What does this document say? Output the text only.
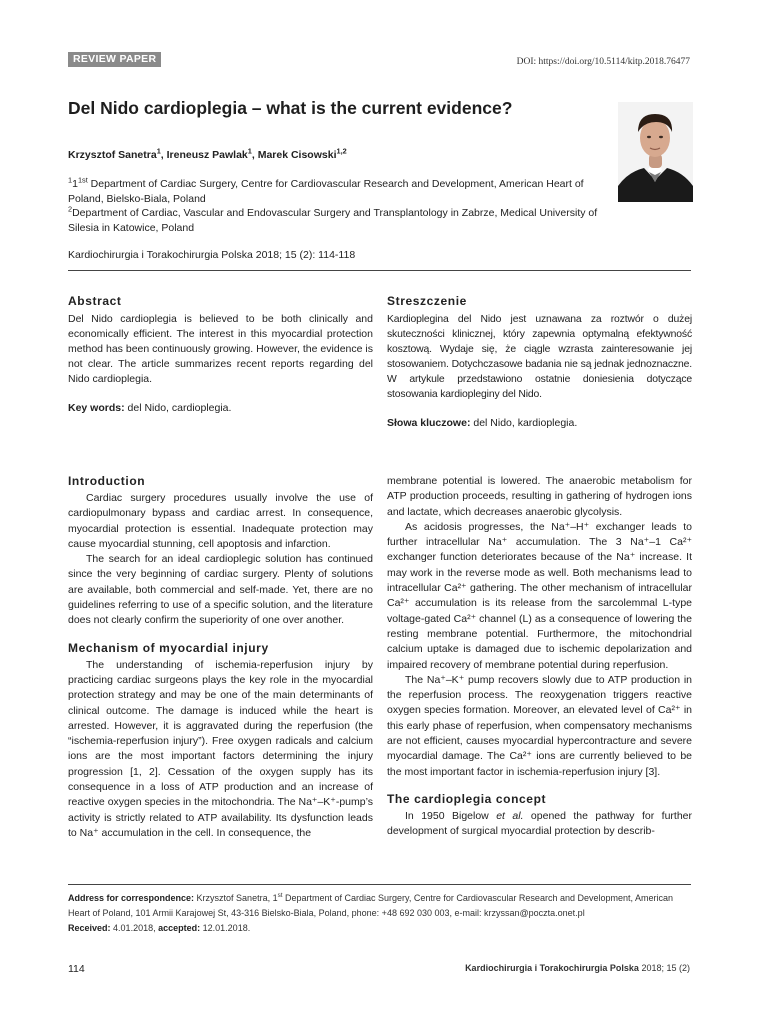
REVIEW PAPER	DOI: https://doi.org/10.5114/kitp.2018.76477
Del Nido cardioplegia – what is the current evidence?
Krzysztof Sanetra$^1$, Ireneusz Pawlak$^1$, Marek Cisowski$^{1,2}$
$^11^{1st}$ Department of Cardiac Surgery, Centre for Cardiovascular Research and Development, American Heart of Poland, Bielsko-Biala, Poland
$^2$Department of Cardiac, Vascular and Endovascular Surgery and Transplantology in Zabrze, Medical University of Silesia in Katowice, Poland
Kardiochirurgia i Torakochirurgia Polska 2018; 15 (2): 114-118
Abstract

Del Nido cardioplegia is believed to be both clinically and economically efficient. The interest in this myocardial protection method has been continuously growing. However, the evidence is not clear. The article summarizes recent reports regarding del Nido cardioplegia.

Key words: del Nido, cardioplegia.

Streszczenie

Kardioplegina del Nido jest uznawana za roztwór o dużej skuteczności klinicznej, który zapewnia optymalną efektywność kosztową. Wydaje się, że ciągle wzrasta zainteresowanie jej stosowaniem. Dotychczasowe badania nie są jednak jednoznaczne. W artykule przedstawiono ostatnie doniesienia dotyczące stosowania kardiopleginy del Nido.

Słowa kluczowe: del Nido, kardioplegia.

Introduction

Cardiac surgery procedures usually involve the use of cardiopulmonary bypass and cardiac arrest. In consequence, myocardial protection is essential. Inadequate protection may cause myocardial stunning, cell apoptosis and infarction.

The search for an ideal cardioplegic solution has continued since the very beginning of cardiac surgery. Plenty of solutions are available, both commercial and self-made. Yet, there are no guidelines referring to use of a specific solution, and the literature does not clearly confirm the superiority of one over another.

Mechanism of myocardial injury

The understanding of ischemia-reperfusion injury by practicing cardiac surgeons plays the key role in the myocardial protection strategy and may be one of the main determinants of clinical outcome. The damage is induced while the heart is arrested. However, it is aggravated during the reperfusion (the “ischemia-reperfusion injury”). Free oxygen radicals and calcium ions are the most important factors determining the injury progression [1, 2]. Cessation of the oxygen supply has its consequence in a loss of ATP production and an increase of reactive oxygen species in the mitochondria. The Na⁺–K⁺-pump’s activity is strictly related to ATP availability. Its dysfunction leads to Na⁺ accumulation in the cell. In consequence, the

membrane potential is lowered. The anaerobic metabolism for ATP production proceeds, resulting in gathering of hydrogen ions and lactate, which decreases anaerobic glycolysis.

As acidosis progresses, the Na⁺–H⁺ exchanger leads to further intracellular Na⁺ accumulation. The 3 Na⁺–1 Ca²⁺ exchanger function deteriorates because of the Na⁺ increase. It may work in the reverse mode as well. Both mechanisms lead to intracellular Ca²⁺ gathering. The other mechanism of intracellular Ca²⁺ accumulation is its release from the sarcolemmal L-type voltage-gated Ca²⁺ channel (L) as a consequence of lowering the resting membrane potential. Furthermore, the mitochondrial calcium uptake is damaged due to ischemic depolarization and impaired recovery of membrane potential during reperfusion.

The Na⁺–K⁺ pump recovers slowly due to ATP production in the reperfusion process. The reoxygenation triggers reactive oxygen species formation. Moreover, an elevated level of Ca²⁺ in this early phase of reperfusion, when compensatory mechanisms are not efficient, causes myocardial hypercontracture and severe myocardial damage. The Ca²⁺ ions are currently believed to be the most important factor in ischemia-reperfusion injury [3].

The cardioplegia concept

In 1950 Bigelow et al. opened the pathway for further development of surgical myocardial protection by describ-

Address for correspondence: Krzysztof Sanetra, 1st Department of Cardiac Surgery, Centre for Cardiovascular Research and Development, American Heart of Poland, 101 Armii Karajowej St, 43-316 Bielsko-Biala, Poland, phone: +48 692 030 003, e-mail: krzyssan@poczta.onet.pl
Received: 4.01.2018, accepted: 12.01.2018.
114	Kardiochirurgia i Torakochirurgia Polska 2018; 15 (2)
